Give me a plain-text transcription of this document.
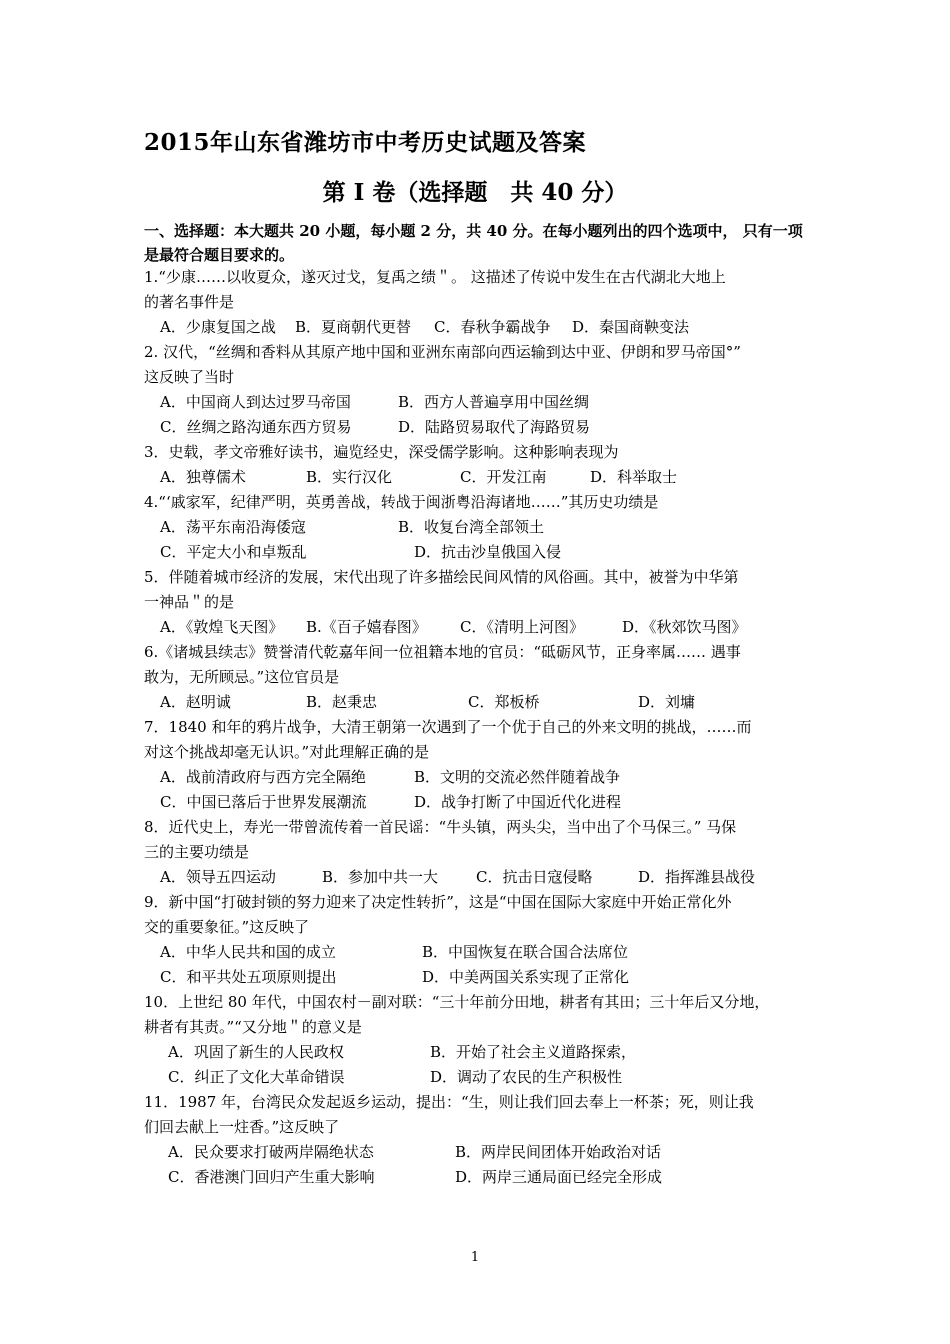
2015年山东省潍坊市中考历史试题及答案
第 I 卷（选择题　共 40 分）
一、选择题：本大题共 20 小题，每小题 2 分，共 40 分。在每小题列出的四个选项中， 只有一项是最符合题目要求的。
1.“少康……以收夏众，遂灭过戈，复禹之绩＂。 这描述了传说中发生在古代湖北大地上
的著名事件是
A．少康复国之战 B．夏商朝代更替 C．春秋争霸战争 D．秦国商鞅变法
2. 汉代，“丝绸和香料从其原产地中国和亚洲东南部向西运输到达中亚、伊朗和罗马帝国°”
这反映了当时
A．中国商人到达过罗马帝国	B．西方人普遍享用中国丝绸
C．丝绸之路沟通东西方贸易	D．陆路贸易取代了海路贸易
3．史载，孝文帝雅好读书，遍览经史，深受儒学影响。这种影响表现为
A．独尊儒术	B．实行汉化	C．开发江南	D．科举取士
4.“‘戚家军，纪律严明，英勇善战，转战于闽浙粤沿海诸地……”其历史功绩是
A．荡平东南沿海倭寇	B．收复台湾全部领土
C．平定大小和卓叛乱	D．抗击沙皇俄国入侵
5．伴随着城市经济的发展，宋代出现了许多描绘民间风情的风俗画。其中，被誉为中华第
一神品＂的是
A．《敦煌飞天图》 B.《百子嬉春图》 C．《清明上河图》	D．《秋郊饮马图》
6.《诸城县续志》赞誉清代乾嘉年间一位祖籍本地的官员：“砥砺风节，正身率属…… 遇事
敢为，无所顾忌。”这位官员是
A．赵明诚	B．赵秉忠	C．郑板桥	D．刘墉
7．1840 和年的鸦片战争，大清王朝第一次遇到了一个优于自己的外来文明的挑战，……而
对这个挑战却毫无认识。”对此理解正确的是
A．战前清政府与西方完全隔绝	B．文明的交流必然伴随着战争
C．中国已落后于世界发展潮流	D．战争打断了中国近代化进程
8．近代史上，寿光一带曾流传着一首民谣：“牛头镇，两头尖，当中出了个马保三。” 马保
三的主要功绩是
A．领导五四运动	B．参加中共一大	C．抗击日寇侵略	D．指挥潍县战役
9．新中国“打破封锁的努力迎来了决定性转折”，这是“中国在国际大家庭中开始正常化外
交的重要象征。”这反映了
A．中华人民共和国的成立	B．中国恢复在联合国合法席位
C．和平共处五项原则提出	D．中美两国关系实现了正常化
10．上世纪 80 年代，中国农村－副对联：“三十年前分田地，耕者有其田；三十年后又分地，
耕者有其责。”“又分地＂的意义是
A．巩固了新生的人民政权	B．开始了社会主义道路探索，
C．纠正了文化大革命错误	D．调动了农民的生产积极性
11．1987 年，台湾民众发起返乡运动，提出：“生，则让我们回去奉上一杯茶；死，则让我
们回去献上一炷香。”这反映了
A．民众要求打破两岸隔绝状态	B．两岸民间团体开始政治对话
C．香港澳门回归产生重大影响	D．两岸三通局面已经完全形成
1
